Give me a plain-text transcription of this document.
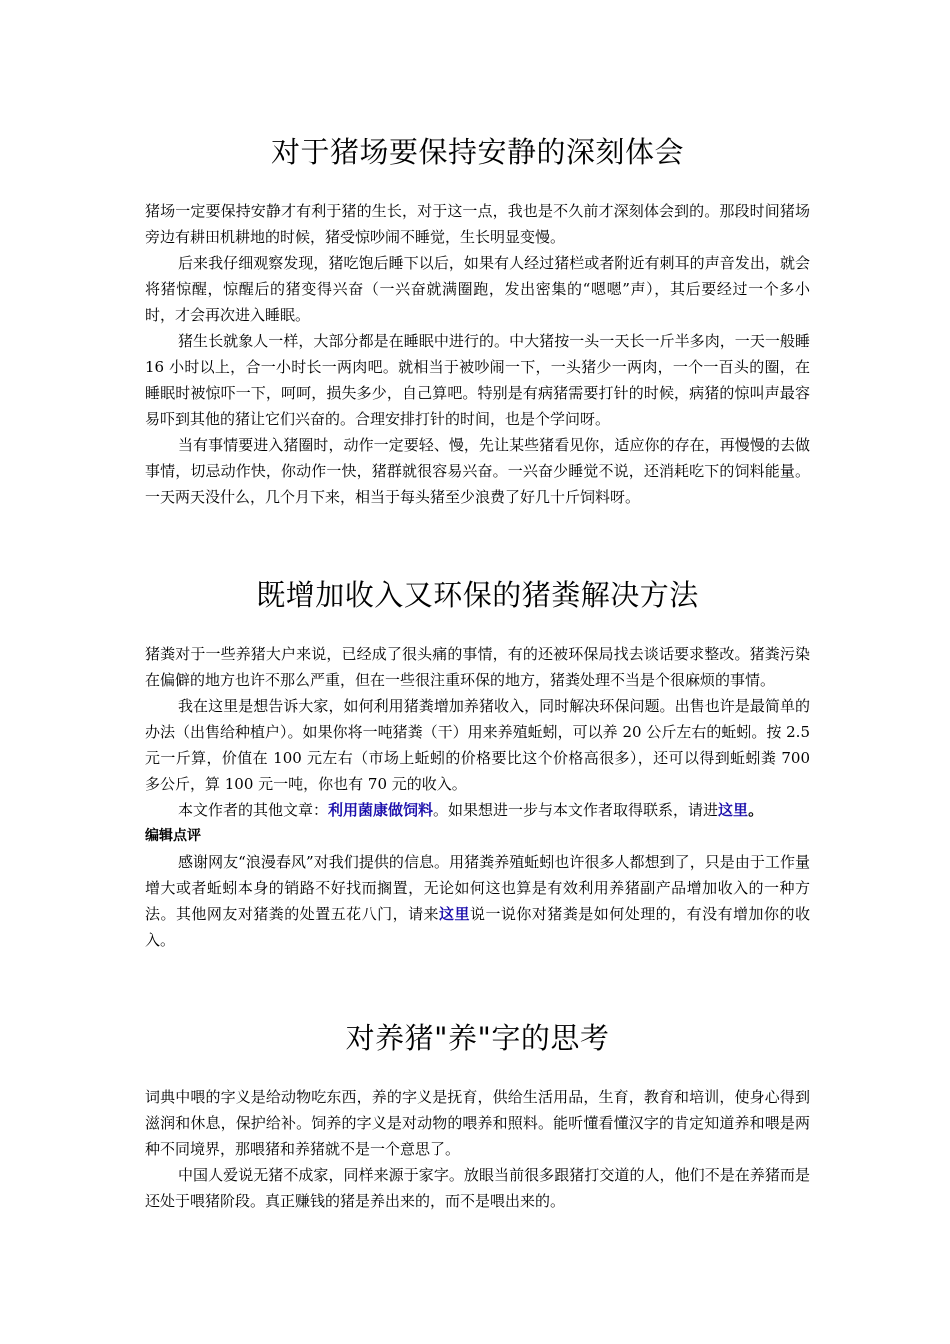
对于猪场要保持安静的深刻体会

猪场一定要保持安静才有利于猪的生长，对于这一点，我也是不久前才深刻体会到的。那段时间猪场旁边有耕田机耕地的时候，猪受惊吵闹不睡觉，生长明显变慢。

后来我仔细观察发现，猪吃饱后睡下以后，如果有人经过猪栏或者附近有刺耳的声音发出，就会将猪惊醒，惊醒后的猪变得兴奋（一兴奋就满圈跑，发出密集的“嗯嗯”声），其后要经过一个多小时，才会再次进入睡眠。

猪生长就象人一样，大部分都是在睡眠中进行的。中大猪按一头一天长一斤半多肉，一天一般睡 16 小时以上，合一小时长一两肉吧。就相当于被吵闹一下，一头猪少一两肉，一个一百头的圈，在睡眠时被惊吓一下，呵呵，损失多少，自己算吧。特别是有病猪需要打针的时候，病猪的惊叫声最容易吓到其他的猪让它们兴奋的。合理安排打针的时间，也是个学问呀。

当有事情要进入猪圈时，动作一定要轻、慢，先让某些猪看见你，适应你的存在，再慢慢的去做事情，切忌动作快，你动作一快，猪群就很容易兴奋。一兴奋少睡觉不说，还消耗吃下的饲料能量。一天两天没什么，几个月下来，相当于每头猪至少浪费了好几十斤饲料呀。

既增加收入又环保的猪粪解决方法

猪粪对于一些养猪大户来说，已经成了很头痛的事情，有的还被环保局找去谈话要求整改。猪粪污染在偏僻的地方也许不那么严重，但在一些很注重环保的地方，猪粪处理不当是个很麻烦的事情。

我在这里是想告诉大家，如何利用猪粪增加养猪收入，同时解决环保问题。出售也许是最简单的办法（出售给种植户）。如果你将一吨猪粪（干）用来养殖蚯蚓，可以养 20 公斤左右的蚯蚓。按 2.5 元一斤算，价值在 100 元左右（市场上蚯蚓的价格要比这个价格高很多），还可以得到蚯蚓粪 700 多公斤，算 100 元一吨，你也有 70 元的收入。

本文作者的其他文章：利用菌康做饲料。如果想进一步与本文作者取得联系，请进这里。

编辑点评

感谢网友“浪漫春风”对我们提供的信息。用猪粪养殖蚯蚓也许很多人都想到了，只是由于工作量增大或者蚯蚓本身的销路不好找而搁置，无论如何这也算是有效利用养猪副产品增加收入的一种方法。其他网友对猪粪的处置五花八门，请来这里说一说你对猪粪是如何处理的，有没有增加你的收入。

对养猪"养"字的思考

词典中喂的字义是给动物吃东西，养的字义是抚育，供给生活用品，生育，教育和培训，使身心得到滋润和休息，保护给补。饲养的字义是对动物的喂养和照料。能听懂看懂汉字的肯定知道养和喂是两种不同境界，那喂猪和养猪就不是一个意思了。

中国人爱说无猪不成家，同样来源于家字。放眼当前很多跟猪打交道的人，他们不是在养猪而是还处于喂猪阶段。真正赚钱的猪是养出来的，而不是喂出来的。
